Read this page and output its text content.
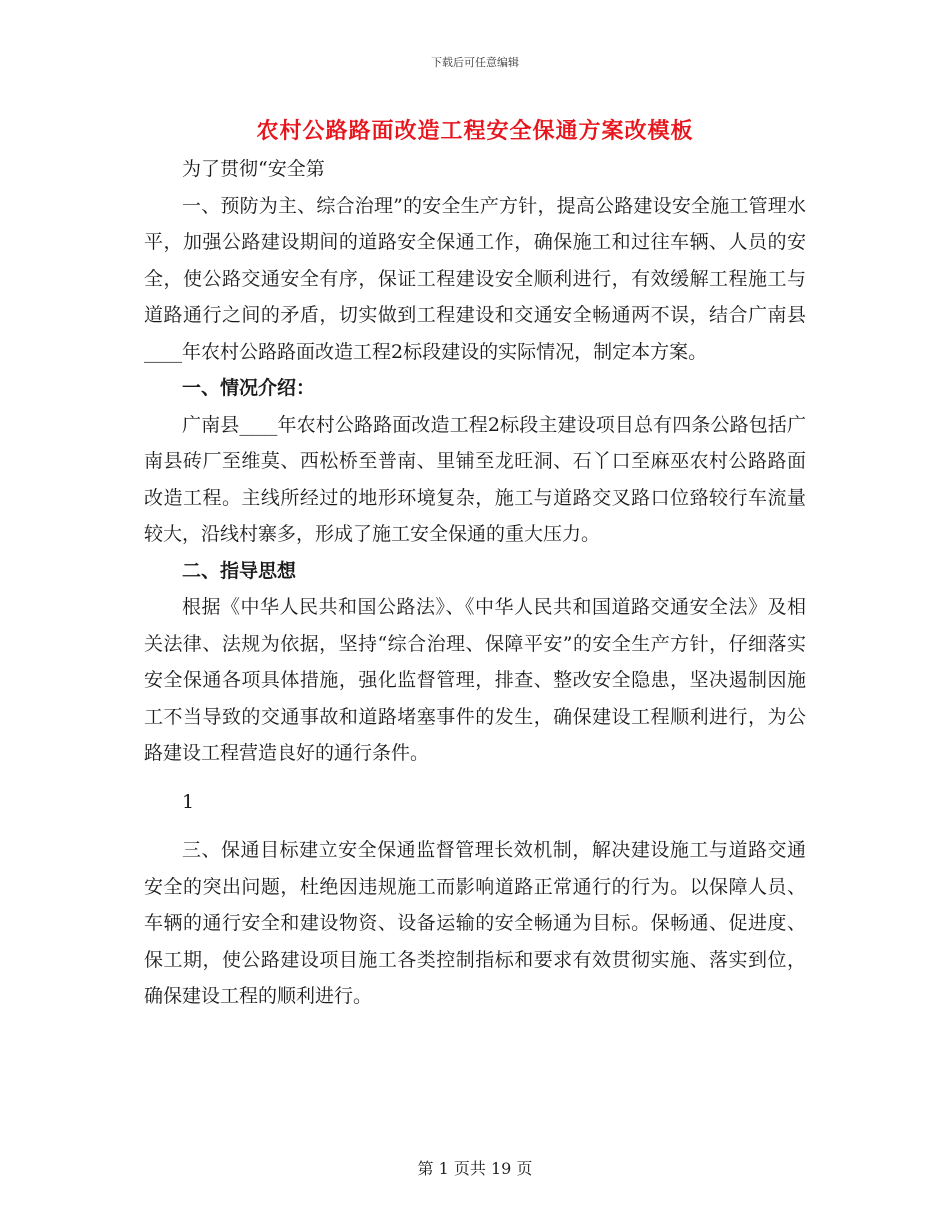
下载后可任意编辑
农村公路路面改造工程安全保通方案改模板

为了贯彻“安全第

一、预防为主、综合治理”的安全生产方针，提高公路建设安全施工管理水平，加强公路建设期间的道路安全保通工作，确保施工和过往车辆、人员的安全，使公路交通安全有序，保证工程建设安全顺利进行，有效缓解工程施工与道路通行之间的矛盾，切实做到工程建设和交通安全畅通两不误，结合广南县____年农村公路路面改造工程2标段建设的实际情况，制定本方案。

一、情况介绍：

广南县____年农村公路路面改造工程2标段主建设项目总有四条公路包括广南县砖厂至维莫、西松桥至普南、里铺至龙旺洞、石丫口至麻巫农村公路路面改造工程。主线所经过的地形环境复杂，施工与道路交叉路口位臵较行车流量较大，沿线村寨多，形成了施工安全保通的重大压力。

二、指导思想

根据《中华人民共和国公路法》、《中华人民共和国道路交通安全法》及相关法律、法规为依据，坚持“综合治理、保障平安”的安全生产方针，仔细落实安全保通各项具体措施，强化监督管理，排查、整改安全隐患，坚决遏制因施工不当导致的交通事故和道路堵塞事件的发生，确保建设工程顺利进行，为公路建设工程营造良好的通行条件。

1

三、保通目标建立安全保通监督管理长效机制，解决建设施工与道路交通安全的突出问题，杜绝因违规施工而影响道路正常通行的行为。以保障人员、车辆的通行安全和建设物资、设备运输的安全畅通为目标。保畅通、促进度、保工期，使公路建设项目施工各类控制指标和要求有效贯彻实施、落实到位，确保建设工程的顺利进行。

第 1 页共 19 页
